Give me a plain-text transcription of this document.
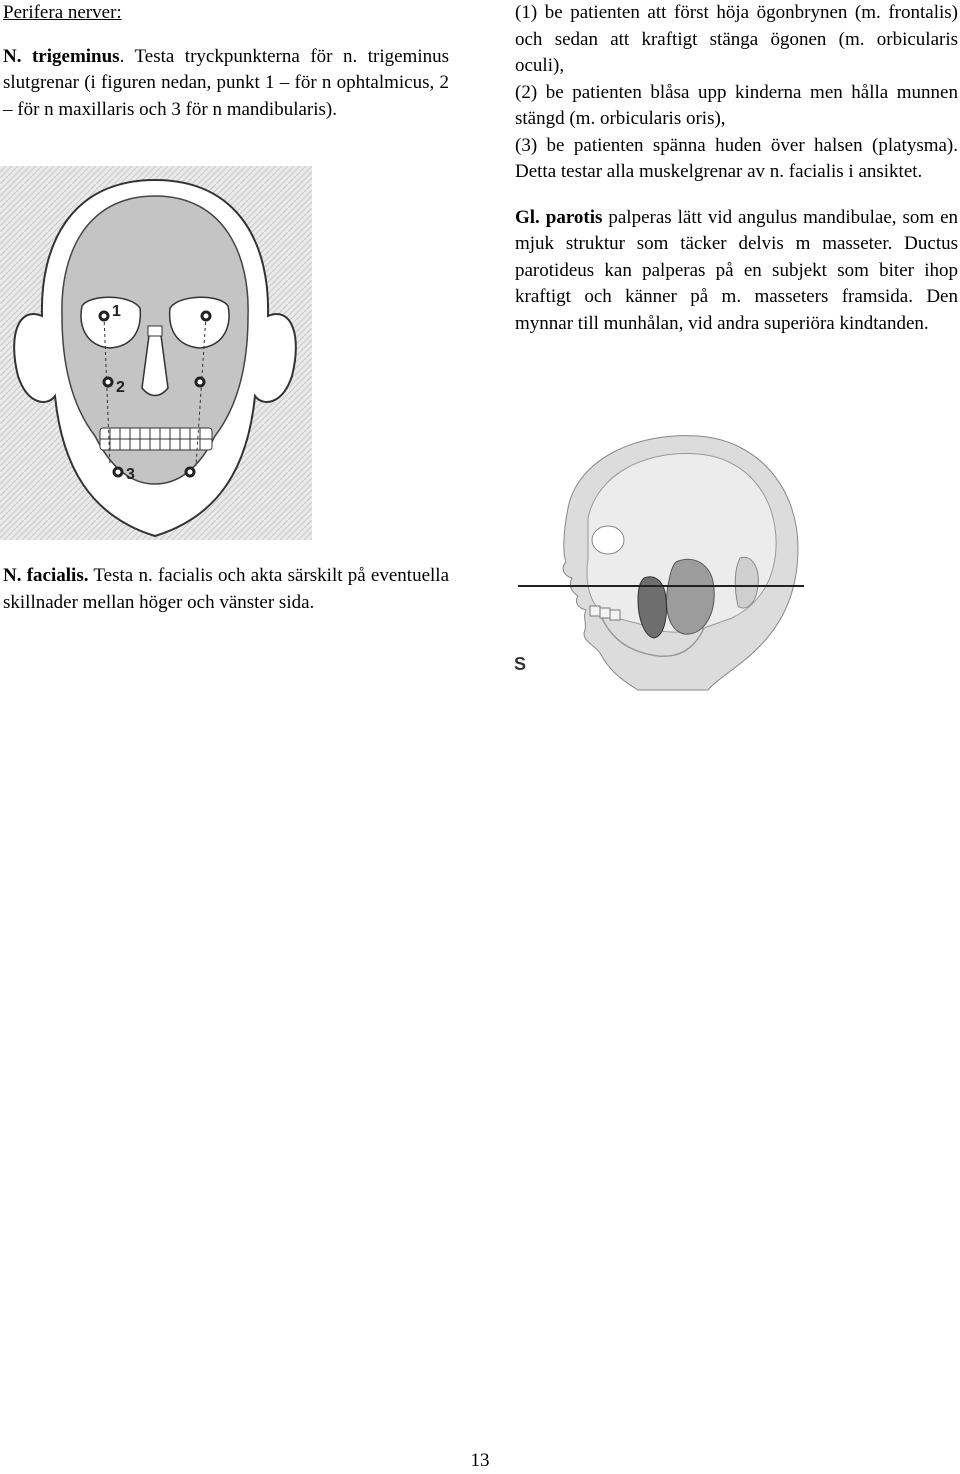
Perifera nerver:

N. trigeminus. Testa tryckpunkterna för n. trigeminus slutgrenar (i figuren nedan, punkt 1 – för n ophtalmicus, 2 – för n maxillaris och 3 för n mandibularis).

1
2
3

(1) be patienten att först höja ögonbrynen (m. frontalis) och sedan att kraftigt stänga ögonen (m. orbicularis oculi),

(2) be patienten blåsa upp kinderna men hålla munnen stängd (m. orbicularis oris),

(3) be patienten spänna huden över halsen (platysma). Detta testar alla muskelgrenar av n. facialis i ansiktet.

Gl. parotis palperas lätt vid angulus mandibulae, som en mjuk struktur som täcker delvis m masseter. Ductus parotideus kan palperas på en subjekt som biter ihop kraftigt och känner på m. masseters framsida. Den mynnar till munhålan, vid andra superiöra kindtanden.

S

N. facialis. Testa n. facialis och akta särskilt på eventuella skillnader mellan höger och vänster sida.

13
